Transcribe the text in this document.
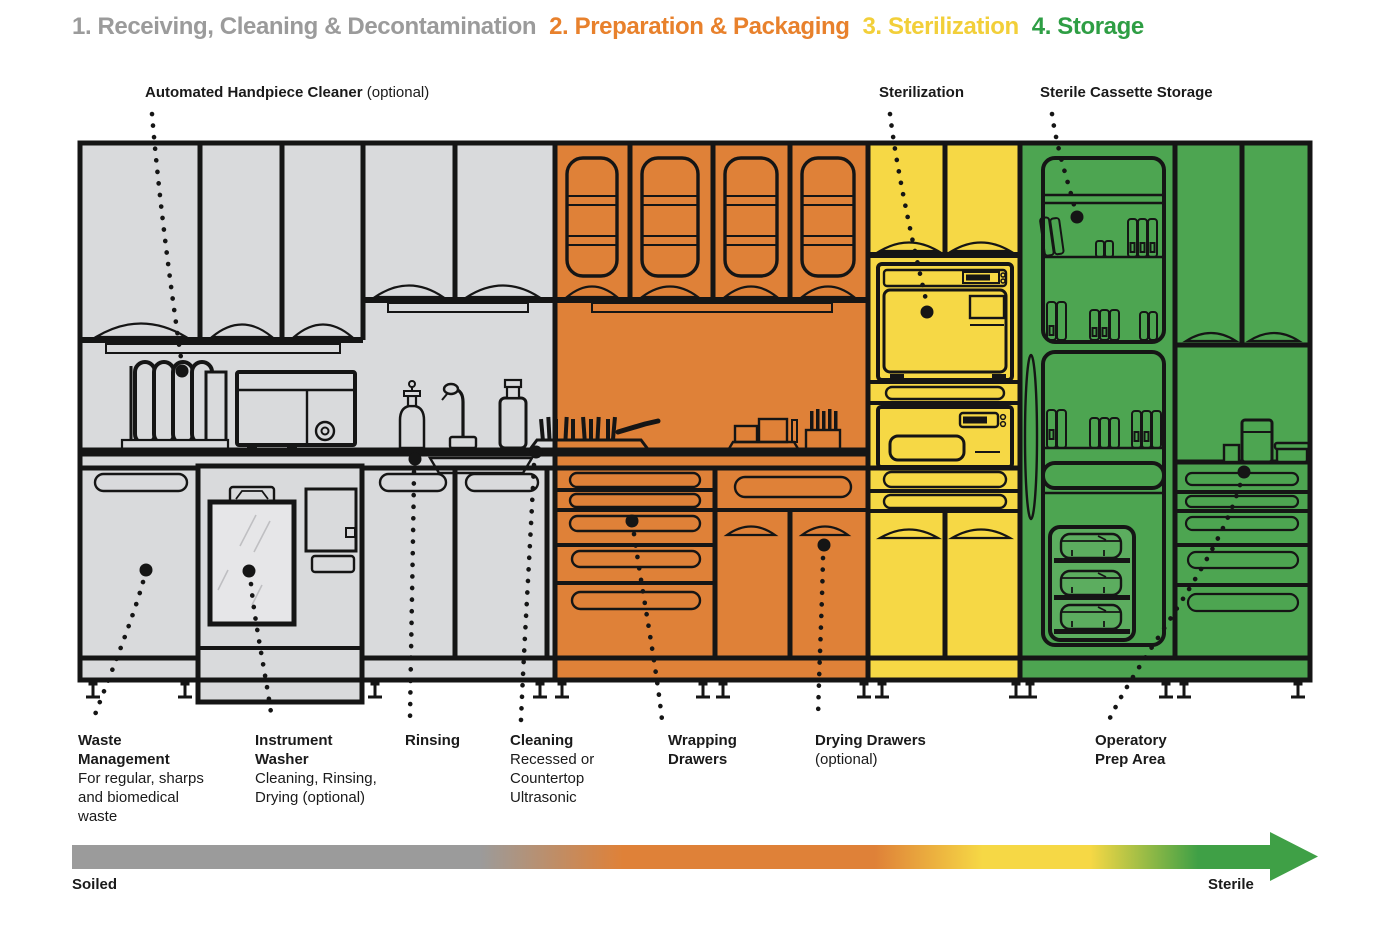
1. Receiving, Cleaning & Decontamination 2. Preparation & Packaging 3. Sterilization 4. Storage
Automated Handpiece Cleaner (optional)	Sterilization	Sterile Cassette Storage
Waste
Management
For regular, sharps
and biomedical
waste
Instrument
Washer
Cleaning, Rinsing,
Drying (optional)
Rinsing	Cleaning
Recessed or
Countertop
Ultrasonic
Wrapping
Drawers
Drying Drawers
(optional)
Operatory
Prep Area
Soiled	Sterile
